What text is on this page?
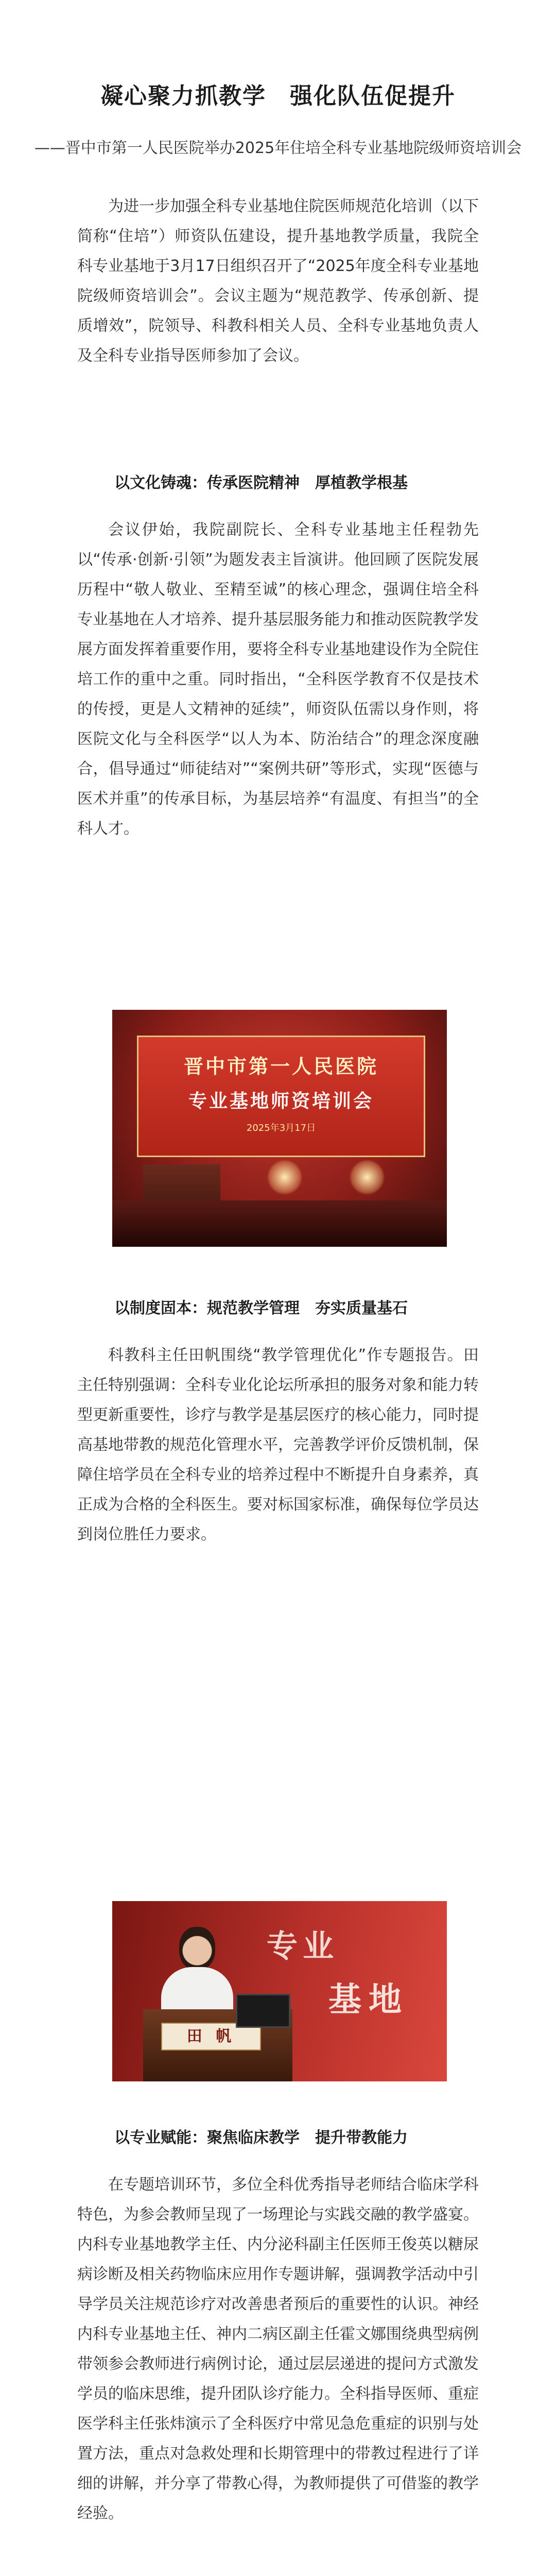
凝心聚力抓教学　强化队伍促提升
——晋中市第一人民医院举办2025年住培全科专业基地院级师资培训会

为进一步加强全科专业基地住院医师规范化培训（以下简称“住培”）师资队伍建设，提升基地教学质量，我院全科专业基地于3月17日组织召开了“2025年度全科专业基地院级师资培训会”。会议主题为“规范教学、传承创新、提质增效”，院领导、科教科相关人员、全科专业基地负责人及全科专业指导医师参加了会议。

以文化铸魂：传承医院精神　厚植教学根基

会议伊始，我院副院长、全科专业基地主任程勃先以“传承·创新·引领”为题发表主旨演讲。他回顾了医院发展历程中“敬人敬业、至精至诚”的核心理念，强调住培全科专业基地在人才培养、提升基层服务能力和推动医院教学发展方面发挥着重要作用，要将全科专业基地建设作为全院住培工作的重中之重。同时指出，“全科医学教育不仅是技术的传授，更是人文精神的延续”，师资队伍需以身作则，将医院文化与全科医学“以人为本、防治结合”的理念深度融合，倡导通过“师徒结对”“案例共研”等形式，实现“医德与医术并重”的传承目标，为基层培养“有温度、有担当”的全科人才。

晋中市第一人民医院
专业基地师资培训会
2025年3月17日
以制度固本：规范教学管理　夯实质量基石

科教科主任田帆围绕“教学管理优化”作专题报告。田主任特别强调：全科专业化论坛所承担的服务对象和能力转型更新重要性，诊疗与教学是基层医疗的核心能力，同时提高基地带教的规范化管理水平，完善教学评价反馈机制，保障住培学员在全科专业的培养过程中不断提升自身素养，真正成为合格的全科医生。要对标国家标准，确保每位学员达到岗位胜任力要求。

专业
基地
田 帆
以专业赋能：聚焦临床教学　提升带教能力

在专题培训环节，多位全科优秀指导老师结合临床学科特色，为参会教师呈现了一场理论与实践交融的教学盛宴。内科专业基地教学主任、内分泌科副主任医师王俊英以糖尿病诊断及相关药物临床应用作专题讲解，强调教学活动中引导学员关注规范诊疗对改善患者预后的重要性的认识。神经内科专业基地主任、神内二病区副主任霍文娜围绕典型病例带领参会教师进行病例讨论，通过层层递进的提问方式激发学员的临床思维，提升团队诊疗能力。全科指导医师、重症医学科主任张炜演示了全科医疗中常见急危重症的识别与处置方法，重点对急救处理和长期管理中的带教过程进行了详细的讲解，并分享了带教心得，为教师提供了可借鉴的教学经验。
